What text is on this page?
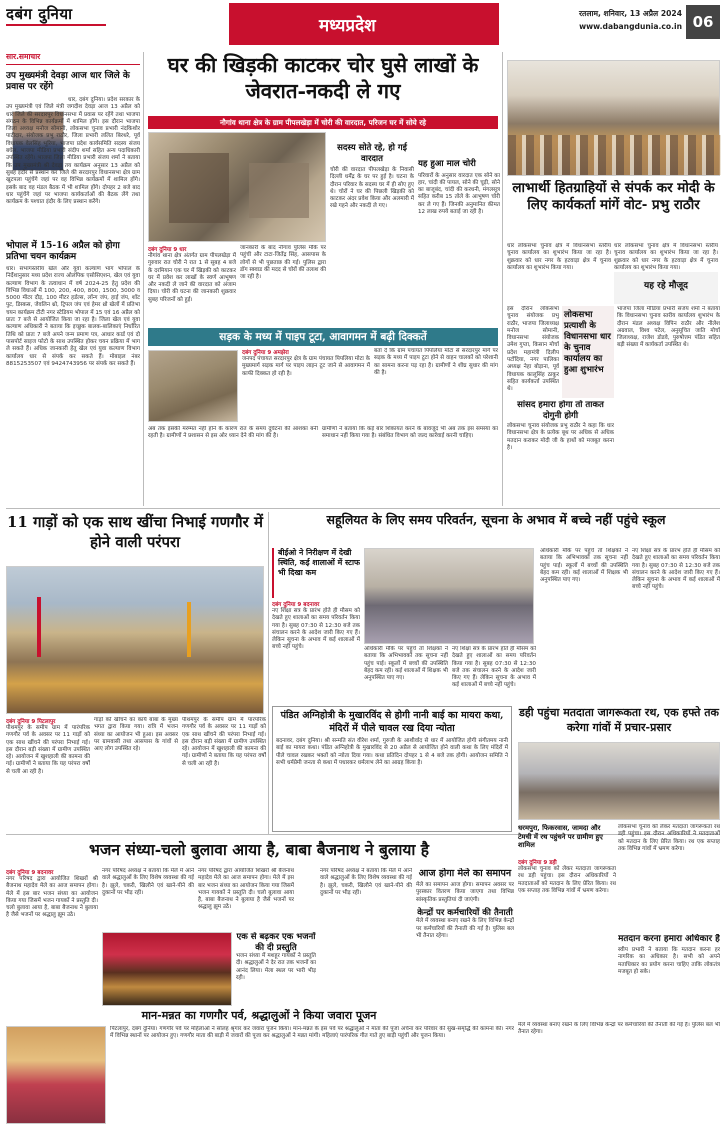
दबंग दुनिया
मध्यप्रदेश
रतलाम, शनिवार, 13 अप्रैल 2024
www.dabangdunia.co.in 06
सार.समाचार
उप मुख्यमंत्री देवड़ा आज धार जिले के प्रवास पर रहेंगे
धार, दबंग दुनिया। प्रदेश सरकार के उप मुख्यमंत्री एवं जिले मंत्री जगदीश देवड़ा आज 13 अप्रैल को धार जिले की सरदारपुर विधानसभा में प्रवास पर रहेंगे तथा भाजपा संगठन के विभिन्न कार्यक्रमों में शामिल होंगे। इस दौरान भाजपा जिला अध्यक्ष मनोज सोमानी, लोकसभा चुनाव प्रभारी नंदकिशोर पाटीदार, संयोजक प्रभु राठौर, जिला प्रभारी ललित बिरथरे, पूर्व विधायक वेलसिंह भूरिया, भाजपा प्रदेश कार्यसमिति सदस्य संजय बघेल, भाजपा मीडिया प्रभारी संदीप शर्मा सहित अन्य पदाधिकारी उपस्थित रहेंगे। भाजपा जिला मीडिया प्रभारी संजय शर्मा ने बताया कि उप मुख्यमंत्री श्री देवड़ा तय कार्यक्रम अनुसार 13 अप्रैल को सुबह इंदौर से प्रस्थान कर जिले की सरदारपुर विधानसभा क्षेत्र ग्राम खुटपला पहुंचेंगे जहां पर वह विभिन्न कार्यक्रमों में शामिल होंगे। इसके बाद वह मंडल बैठक में भी शामिल होंगे। दोपहर 2 बजे बाद धार पहुंचेंगे जहां पर भाजपा कार्यकर्ताओं की बैठक लेंगे तथा कार्यक्रम के पश्चात इंदौर के लिए प्रस्थान करेंगे।
भोपाल में 15-16 अप्रैल को होगा प्रतिभा चयन कार्यक्रम
धार। संभागस्तरीय खेल और युवा कल्याण भाग भोपाल के निर्देशानुसार मध्य प्रदेश राज्य ओलंपिक एसोसिएशन, खेल एवं युवा कल्याण विभाग के तत्वाधान में वर्ष 2024-25 हेतु प्रदेश की विभिन्न विधाओं में 100, 200, 400, 800, 1500, 3000 व 5000 मीटर दौड़, 100 मीटर हर्डल्स, लॉन्ग जंप, हाई जंप, शॉट पुट, डिस्कस, जेवलिन थ्रो, ट्रिपल जंप एवं हेमर थ्रो खेलों में प्रतिभा चयन कार्यक्रम टीटी नगर स्टेडियम भोपाल में 15 एवं 16 अप्रैल को प्रातः 7 बजे से आयोजित किया जा रहा है। जिला खेल एवं युवा कल्याण अधिकारी ने बताया कि इच्छुक बालक-बालिकाएं निर्धारित तिथि को प्रातः 7 बजे अपने जन्म प्रमाण पत्र, आधार कार्ड एवं दो पासपोर्ट साइज फोटो के साथ उपस्थित होकर चयन प्रक्रिया में भाग ले सकते हैं। अधिक जानकारी हेतु खेल एवं युवा कल्याण विभाग कार्यालय धार से संपर्क कर सकते हैं। मोबाइल नंबर 8815253507 एवं 9424743956 पर संपर्क कर सकते हैं।
घर की खिड़की काटकर चोर घुसे लाखों के जेवरात-नकदी ले गए
नौगांव थाना क्षेत्र के ग्राम पीपलखेड़ा में चोरी की वारदात, परिजन घर में सोये रहे
दबंग दुनिया 9 धार
नौगांव थाना क्षेत्र अंतर्गत ग्राम पीपलखेड़ा में गुरुवार रात चोरी ने रात 1 से सुबह 4 बजे के दरमियान एक घर में खिड़की को काटकर घर में प्रवेश कर लाखों के स्वर्ण आभूषण और नकदी ले जाने की वारदात को अंजाम दिया। चोरी की घटना की जानकारी शुक्रवार सुबह परिजनों को हुई।
जानकारी के बाद नौगांव पुलिस मौके पर पहुंची और टाटा-जितेंद्र सिंह, आसपास के लोगों से भी पूछताछ की गई। पुलिस द्वारा डॉग स्क्वाड की मदद से चोरों की तलाश की जा रही है।
सदस्य सोते रहे, हो गई वारदात
चोरी की वारदात पीपलखेड़ा के निवासी दिल्ली धर्मेंद्र के घर पर हुई है। घटना के दौरान परिवार के सदस्य घर में ही सोए हुए थे। चोरों ने घर की पिछली खिड़की को काटकर अंदर प्रवेश किया और अलमारी में रखे गहने और नकदी ले गए।
यह हुआ माल चोरी
परिवारों के अनुसार वारदात एक सोने का हार, चांदी की पायल, सोने की चूड़ी, सोने का बाजूबंद, चांदी की करधनी, मंगलसूत्र सहित करीब 15 तोले के आभूषण चोरी कर ले गए हैं। जिनकी अनुमानित कीमत 12 लाख रुपये बताई जा रही है।
लाभार्थी हितग्राहियों से संपर्क कर मोदी के लिए कार्यकर्ता मांगें वोट- प्रभु राठौर
धार लोकसभा चुनाव क्षेत्र में विधानसभा स्तरीय चुनाव कार्यालय का शुभारंभ किया जा रहा है। शुक्रवार को धार नगर के हटवाड़ा क्षेत्र में चुनाव कार्यालय का शुभारंभ किया गया।
धार लोकसभा चुनाव क्षेत्र में विधानसभा स्तरीय चुनाव कार्यालय का शुभारंभ किया जा रहा है। शुक्रवार को धार नगर के हटवाड़ा क्षेत्र में चुनाव कार्यालय का शुभारंभ किया गया।
यह रहे मौजूद
इस दौरान लोकसभा चुनाव संयोजक प्रभु राठौर, भाजपा जिलाध्यक्ष मनोज सोमानी, विधानसभा संयोजक उमेश गुप्ता, किसान मोर्चा प्रदेश महामंत्री दिलीप पटोंदिया, नगर पालिका अध्यक्ष नेहा बोड़ाना, पूर्व विधायक कालूसिंह ठाकुर सहित कार्यकर्ता उपस्थित थे।
लोकसभा प्रत्याशी के विधानसभा धार के चुनाव कार्यालय का हुआ शुभारंभ
सांसद हमारा होगा तो ताकत दोगुनी होगी
लोकसभा चुनाव संयोजक प्रभु राठौर ने कहा कि धार विधानसभा क्षेत्र के प्रत्येक बूथ पर अधिक से अधिक मतदान कराकर मोदी जी के हाथों को मजबूत करना है।
भाजपा जिला मीडिया प्रभारी संजय शर्मा ने बताया कि विधानसभा चुनाव स्तरीय कार्यालय शुभारंभ के दौरान मंडल अध्यक्ष विपिन राठौर और नीलेश अग्रवाल, विश्व पटेल, अनुसूचित जाति मोर्चा जिलाध्यक्ष, राजेश डोडवे, पुरुषोत्तम पंडित सहित बड़ी संख्या में कार्यकर्ता उपस्थित थे।
सड़क के मध्य में पाइप टूटा, आवागमन में बढ़ी दिक्कतें
दबंग दुनिया 9 अमझेरा
जनपद पंचायत सरदारपुर क्षेत्र के ग्राम पंचायत पिपलिया मोटा के मुख्यमार्ग सड़क मार्ग पर पाइप लाइन टूट जाने से आवागमन में काफी दिक्कत हो रही है।
बता दें कि ग्राम पंचायत पिपलिया मोटा से सरदारपुर मार्ग पर सड़क के मध्य में पाइप टूटा होने से वाहन चालकों को परेशानी का सामना करना पड़ रहा है। ग्रामीणों ने शीघ्र सुधार की मांग की है।
अब तक इसकी मरम्मत नहीं होने के कारण रात के समय दुर्घटना की आशंका बनी रहती है। ग्रामीणों ने प्रशासन से इस ओर ध्यान देने की मांग की है।
ग्रामीणों ने बताया कि कई बार शिकायत करने के बावजूद भी अब तक इस समस्या का समाधान नहीं किया गया है। संबंधित विभाग को जल्द कार्रवाई करनी चाहिए।
11 गाड़ों को एक साथ खींचा निभाई गणगौर में होने वाली परंपरा
दबंग दुनिया 9 पिटलापुर
पीथमपुर के समीप ग्राम में पारंपरिक गणगौर पर्व के अवसर पर 11 गाड़ों को एक साथ खींचने की परंपरा निभाई गई। इस दौरान बड़ी संख्या में ग्रामीण उपस्थित रहे। आयोजन में खुशहाली की कामना की गई। ग्रामीणों ने बताया कि यह परंपरा वर्षों से चली आ रही है।
गाड़ों को खींचने का कार्य बाबा के मुख्य भगत द्वारा किया गया। रात्रि में भजन संध्या का आयोजन भी हुआ। इस अवसर पर ग्रामवासी तथा आसपास के गांवों से आए लोग उपस्थित रहे।
पीथमपुर के समीप ग्राम में पारंपरिक गणगौर पर्व के अवसर पर 11 गाड़ों को एक साथ खींचने की परंपरा निभाई गई। इस दौरान बड़ी संख्या में ग्रामीण उपस्थित रहे। आयोजन में खुशहाली की कामना की गई। ग्रामीणों ने बताया कि यह परंपरा वर्षों से चली आ रही है।
सहूलियत के लिए समय परिवर्तन, सूचना के अभाव में बच्चे नहीं पहुंचे स्कूल
बीईओ ने निरीक्षण में देखी स्थिति, कई शालाओं में स्टाफ भी दिखा कम
दबंग दुनिया 9 बदनावर
नए शिक्षा सत्र के प्रारंभ होते ही मौसम को देखते हुए शालाओं का समय परिवर्तन किया गया है। सुबह 07:30 से 12:30 बजे तक संचालन करने के आदेश जारी किए गए हैं। लेकिन सूचना के अभाव में कई शालाओं में बच्चे नहीं पहुंचे।	अधिकारी मौके पर पहुंचे तो शिक्षकों ने बताया कि अभिभावकों तक सूचना नहीं पहुंच पाई। स्कूलों में बच्चों की उपस्थिति बेहद कम रही। कई शालाओं में शिक्षक भी अनुपस्थित पाए गए।
नए शिक्षा सत्र के प्रारंभ होते ही मौसम को देखते हुए शालाओं का समय परिवर्तन किया गया है। सुबह 07:30 से 12:30 बजे तक संचालन करने के आदेश जारी किए गए हैं। लेकिन सूचना के अभाव में कई शालाओं में बच्चे नहीं पहुंचे।
अधिकारी मौके पर पहुंचे तो शिक्षकों ने बताया कि अभिभावकों तक सूचना नहीं पहुंच पाई। स्कूलों में बच्चों की उपस्थिति बेहद कम रही। कई शालाओं में शिक्षक भी अनुपस्थित पाए गए।
नए शिक्षा सत्र के प्रारंभ होते ही मौसम को देखते हुए शालाओं का समय परिवर्तन किया गया है। सुबह 07:30 से 12:30 बजे तक संचालन करने के आदेश जारी किए गए हैं। लेकिन सूचना के अभाव में कई शालाओं में बच्चे नहीं पहुंचे।
पंडित अग्निहोत्री के मुखारविंद से होगी नानी बाई का मायरा कथा, मंदिरों में पीले चावल रख दिया न्योता
बदनावर, दबंग दुनिया। श्री सन्मति संत वीरेश शर्मा, गुरुजी के आशीर्वाद से धार में आयोजित होगी संगीतमय नानी बाई का मायरा कथा। पंडित अग्निहोत्री के मुखारविंद से 20 अप्रैल से आयोजित होने वाली कथा के लिए मंदिरों में पीले चावल रखकर भक्तों को न्योता दिया गया। कथा प्रतिदिन दोपहर 1 से 4 बजे तक होगी। आयोजन समिति ने सभी धर्मप्रेमी जनता से कथा में पधारकर धर्मलाभ लेने का आग्रह किया है।
डही पहुंचा मतदाता जागरूकता रथ, एक हफ्ते तक करेगा गांवों में प्रचार-प्रसार
भजन संध्या-चलो बुलावा आया है, बाबा बैजनाथ ने बुलाया है
धरमपुरा, फिकरवास, जामदा और टेमची में रथ पहुंचने पर ग्रामीण हुए शामिल
लोकसभा चुनाव को लेकर मतदाता जागरूकता रथ डही पहुंचा। इस दौरान अधिकारियों ने मतदाताओं को मतदान के लिए प्रेरित किया। रथ एक सप्ताह तक विभिन्न गांवों में भ्रमण करेगा।
दबंग दुनिया 9 डही
लोकसभा चुनाव को लेकर मतदाता जागरूकता रथ डही पहुंचा। इस दौरान अधिकारियों ने मतदाताओं को मतदान के लिए प्रेरित किया। रथ एक सप्ताह तक विभिन्न गांवों में भ्रमण करेगा।
मतदान करना हमारा अधिकार है
स्वीप प्रभारी ने बताया कि मतदान करना हर नागरिक का अधिकार है। सभी को अपने मताधिकार का प्रयोग करना चाहिए ताकि लोकतंत्र मजबूत हो सके।
दबंग दुनिया 9 बदनावर
नगर परिषद द्वारा आयोजित शिखरों श्री बैजनाथ महादेव मेले का आज समापन होगा। मेले में इस बार भजन संध्या का आयोजन किया गया जिसमें भजन गायकों ने प्रस्तुति दी। चलो बुलावा आया है, बाबा बैजनाथ ने बुलाया है जैसे भजनों पर श्रद्धालु झूम उठे।
नगर परिषद अध्यक्ष ने बताया कि मेले में आने वाले श्रद्धालुओं के लिए विशेष व्यवस्था की गई है। झूले, चकरी, खिलौने एवं खाने-पीने की दुकानों पर भीड़ रही।
नगर परिषद द्वारा आयोजित शिखरों श्री बैजनाथ महादेव मेले का आज समापन होगा। मेले में इस बार भजन संध्या का आयोजन किया गया जिसमें भजन गायकों ने प्रस्तुति दी। चलो बुलावा आया है, बाबा बैजनाथ ने बुलाया है जैसे भजनों पर श्रद्धालु झूम उठे।
एक से बढ़कर एक भजनों की दी प्रस्तुति
भजन संध्या में मशहूर गायकों ने प्रस्तुति दी। श्रद्धालुओं ने देर रात तक भजनों का आनंद लिया। मेला स्थल पर भारी भीड़ रही।
नगर परिषद अध्यक्ष ने बताया कि मेले में आने वाले श्रद्धालुओं के लिए विशेष व्यवस्था की गई है। झूले, चकरी, खिलौने एवं खाने-पीने की दुकानों पर भीड़ रही।
आज होगा मेले का समापन
मेले का समापन आज होगा। समापन अवसर पर पुरस्कार वितरण किया जाएगा तथा विभिन्न सांस्कृतिक प्रस्तुतियां दी जाएंगी।
केन्द्रों पर कर्मचारियों की तैनाती
मेले में व्यवस्था बनाए रखने के लिए विभिन्न केन्द्रों पर कर्मचारियों की तैनाती की गई है। पुलिस बल भी तैनात रहेगा।
मान-मन्नत का गणगौर पर्व, श्रद्धालुओं ने किया जवारा पूजन
पिटलापुर, दबंग दुनिया। गणगौर पर्व पर महिलाओं ने सोलह श्रृंगार कर जवारा पूजन किया। मान-मन्नत के इस पर्व पर श्रद्धालुओं ने माता की पूजा अर्चना कर परिवार की सुख-समृद्धि की कामना की। नगर में विभिन्न स्थानों पर आयोजन हुए। गणगौर माता की बाड़ी में जवारों की पूजा कर श्रद्धालुओं ने मन्नत मांगी। महिलाएं पारंपरिक गीत गाते हुए बाड़ी पहुंचीं और पूजन किया।
मेले में व्यवस्था बनाए रखने के लिए विभिन्न केन्द्रों पर कर्मचारियों की तैनाती की गई है। पुलिस बल भी तैनात रहेगा।
